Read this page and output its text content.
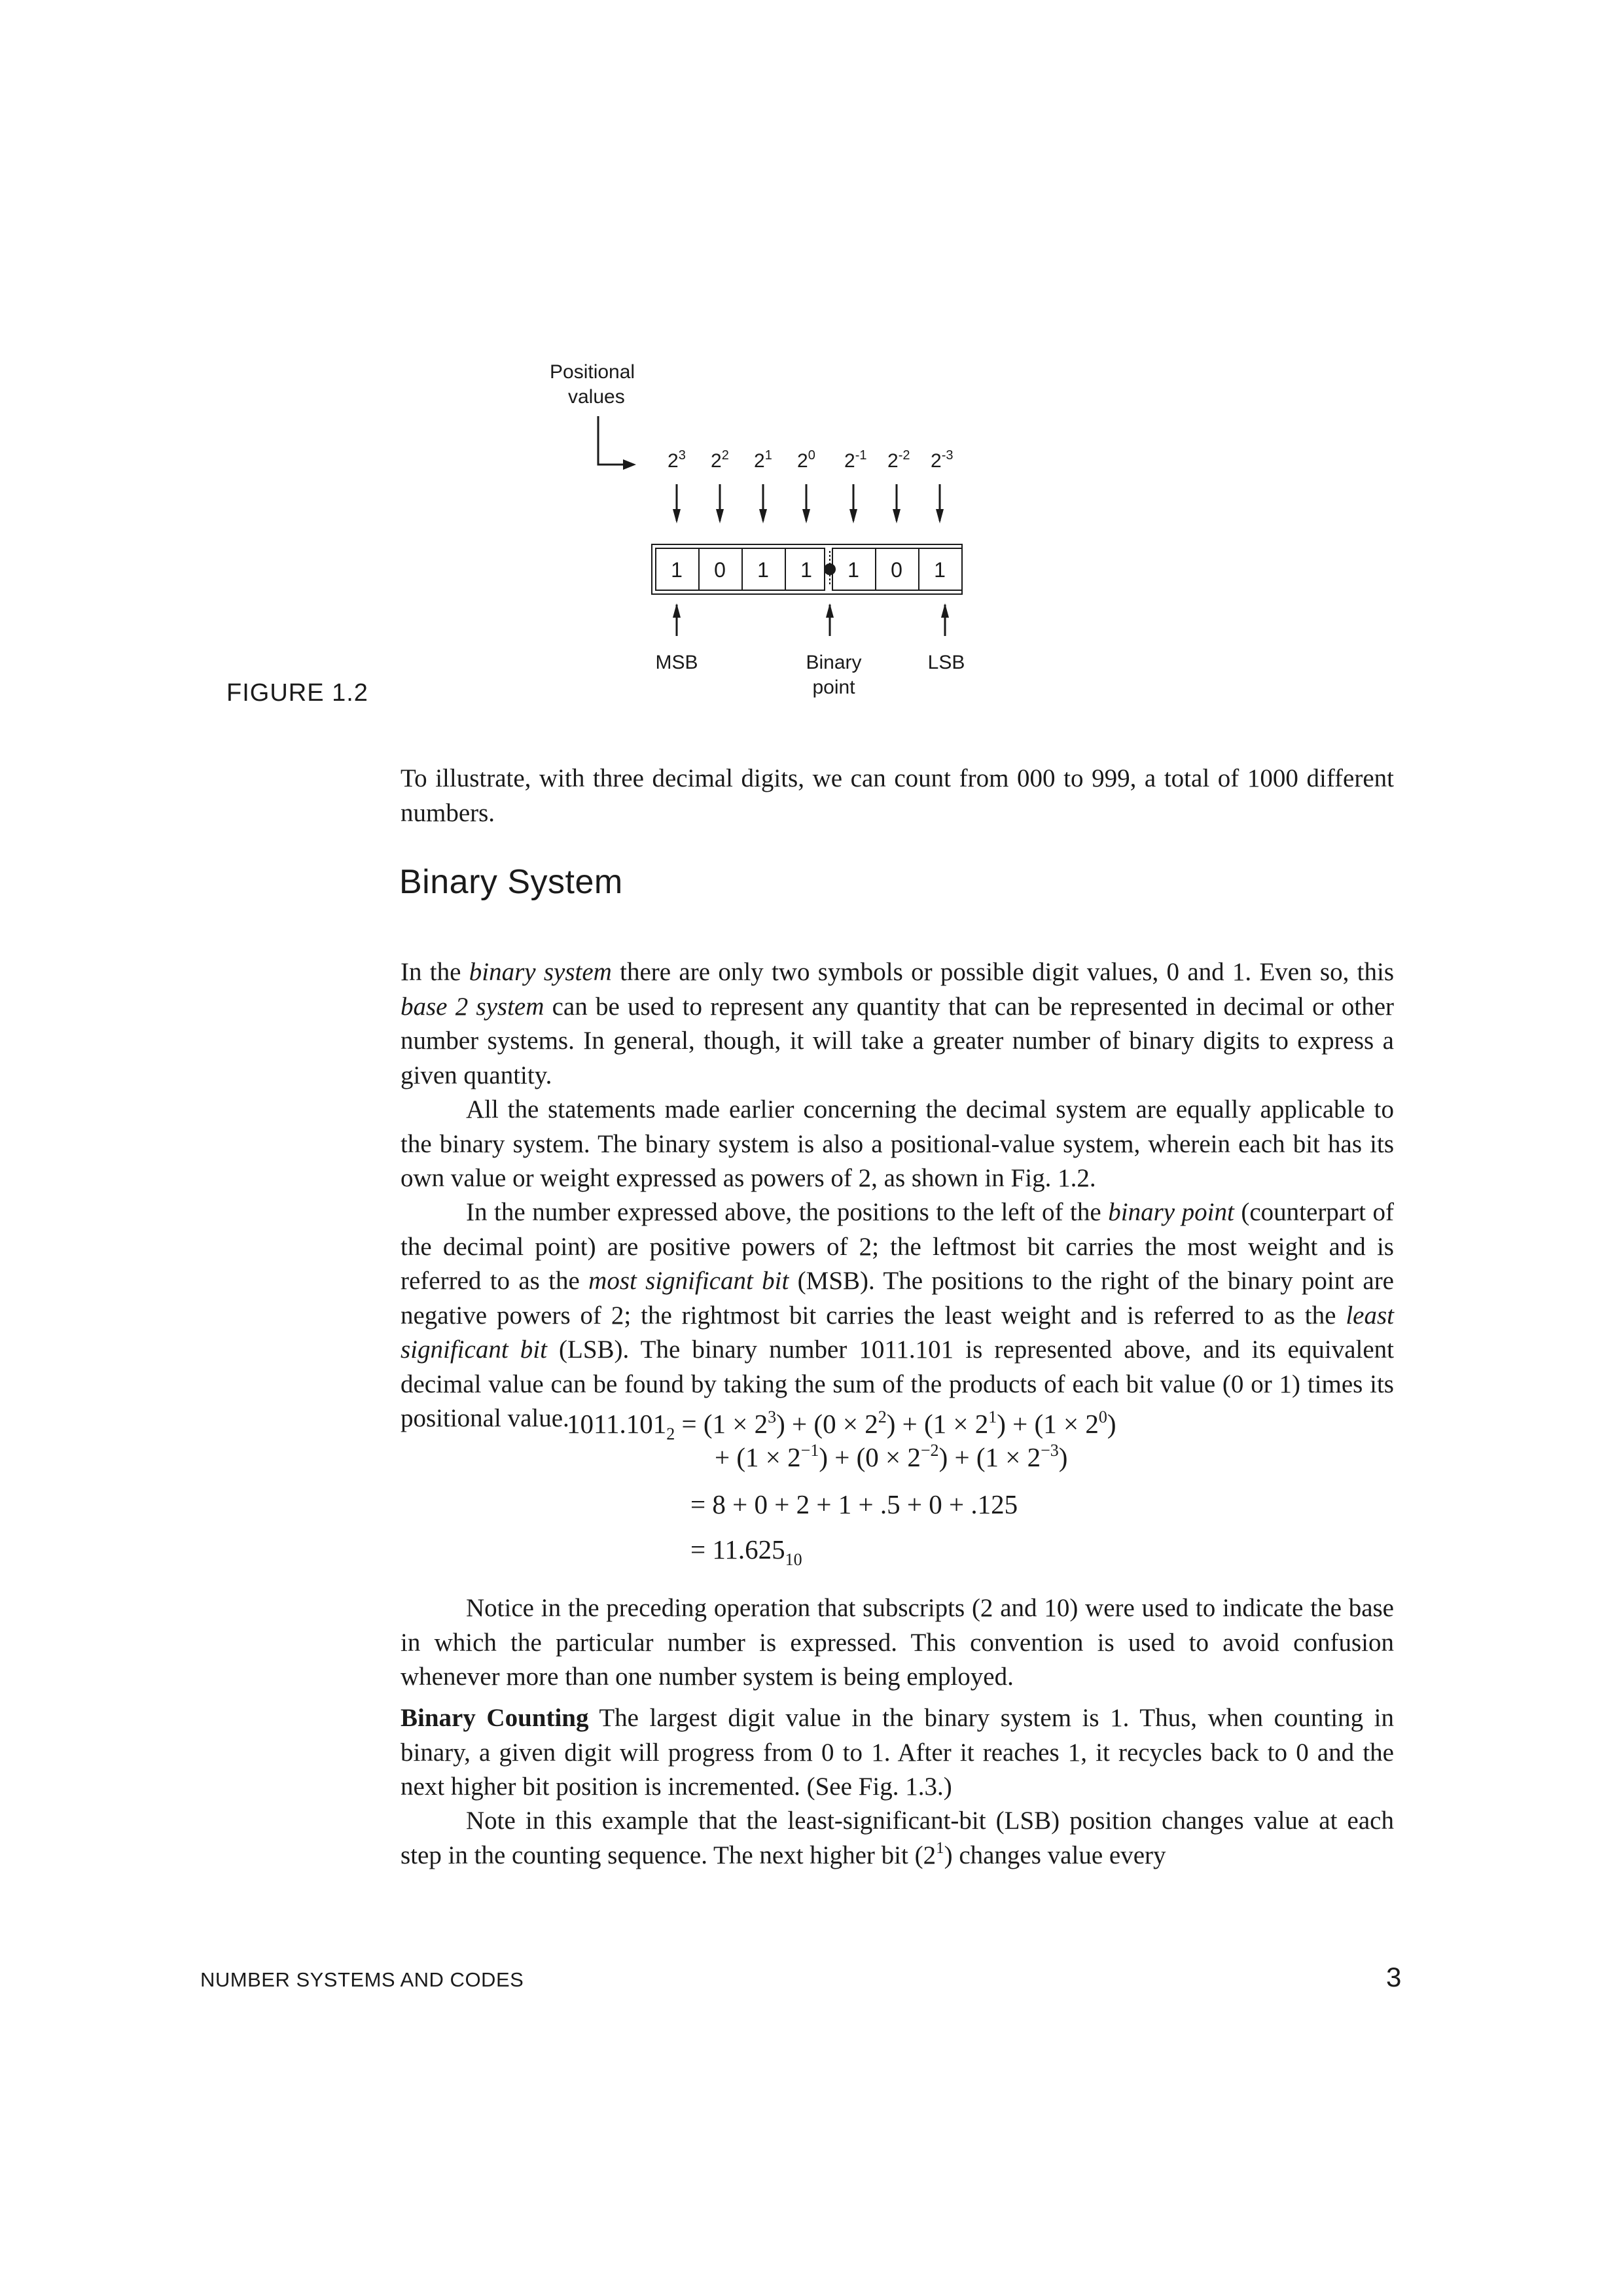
Positional
values
$2^3$ $2^2$ $2^1$ $2^0$ $2^{-1}$ $2^{-2}$ $2^{-3}$
1 0 1 1 1 0 1
MSB	Binary
point
LSB
FIGURE 1.2

To illustrate, with three decimal digits, we can count from 000 to 999, a total of 1000 different numbers.

Binary System

In the binary system there are only two symbols or possible digit values, 0 and 1. Even so, this base 2 system can be used to represent any quantity that can be represented in decimal or other number systems. In general, though, it will take a greater number of binary digits to express a given quantity.

All the statements made earlier concerning the decimal system are equally applicable to the binary system. The binary system is also a positional-value system, wherein each bit has its own value or weight expressed as powers of 2, as shown in Fig. 1.2.

In the number expressed above, the positions to the left of the binary point (counterpart of the decimal point) are positive powers of 2; the leftmost bit carries the most weight and is referred to as the most significant bit (MSB). The positions to the right of the binary point are negative powers of 2; the rightmost bit carries the least weight and is referred to as the least significant bit (LSB). The binary number 1011.101 is represented above, and its equivalent decimal value can be found by taking the sum of the products of each bit value (0 or 1) times its positional value.

$1011.101_2 = (1 \times 2^3) + (0 \times 2^2) + (1 \times 2^1) + (1 \times 2^0)$
+ $(1 \times 2^{-1}) + (0 \times 2^{-2}) + (1 \times 2^{-3})$
= 8 + 0 + 2 + 1 + .5 + 0 + .125
= $11.625_{10}$

Notice in the preceding operation that subscripts (2 and 10) were used to indicate the base in which the particular number is expressed. This convention is used to avoid confusion whenever more than one number system is being employed.

Binary Counting The largest digit value in the binary system is 1. Thus, when counting in binary, a given digit will progress from 0 to 1. After it reaches 1, it recycles back to 0 and the next higher bit position is incremented. (See Fig. 1.3.)

Note in this example that the least-significant-bit (LSB) position changes value at each step in the counting sequence. The next higher bit $(2^1)$ changes value every

NUMBER SYSTEMS AND CODES	3
